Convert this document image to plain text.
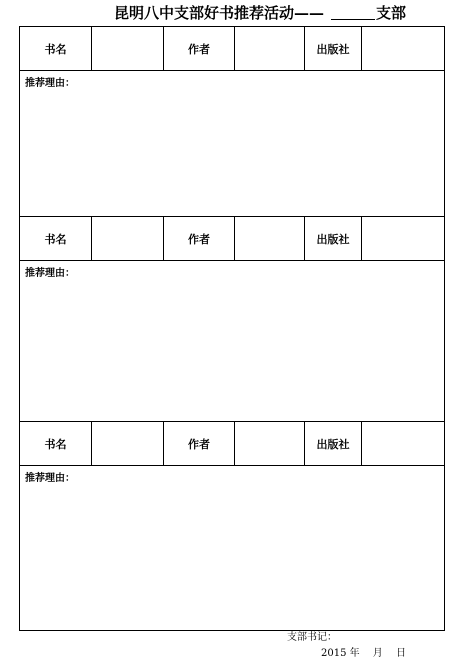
昆明八中支部好书推荐活动——	支部
书名	作者	出版社
推荐理由：
书名	作者	出版社
推荐理由：
书名	作者	出版社
推荐理由：
支部书记：
2015 年　 月　 日
